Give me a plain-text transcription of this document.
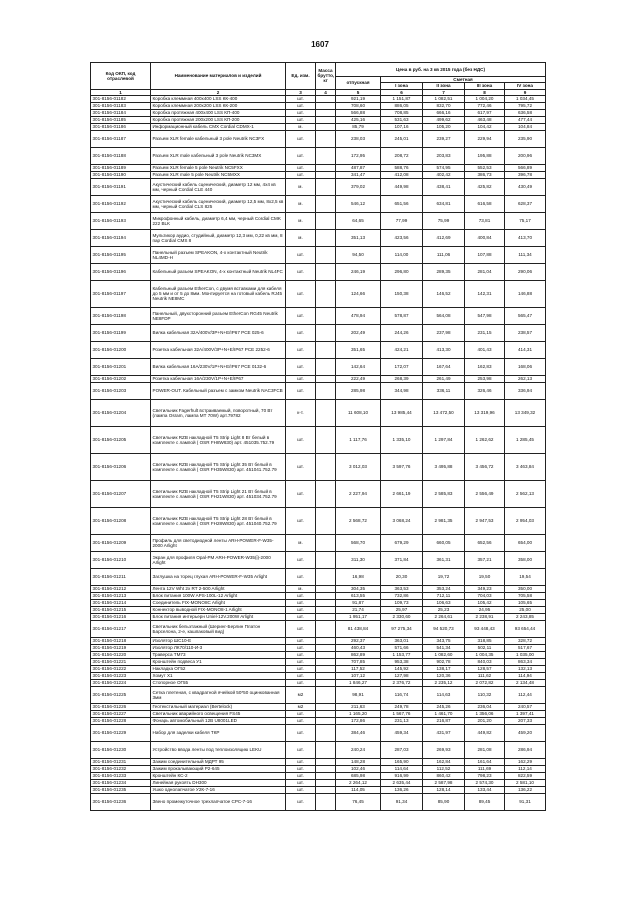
1607
Код ОКП, код отраслевой	Наименование материалов и изделий	Ед. изм.	Масса брутто, кг	Цена в руб. на 3 кв 2015 года (без НДС)				
				отпускная	Сметная			
					I зона	II зона	III зона	IV зона
1	2	3	4	5	6	7	8	9
301-8156-01182	Коробка клеммная 400х400 LSS КК-400	шт.		921,19	1 151,87	1 082,51	1 004,20	1 034,45
301-8156-01183	Коробка клеммная 200х200 LSS КК-200	шт.		708,60	886,05	832,70	772,46	795,72
301-8156-01184	Коробка протяжная 400х400 LSS КП-400	шт.		566,88	708,85	666,16	617,97	636,58
301-8156-01185	Коробка протяжная 200х200 LSS КП-200	шт.		425,16	531,63	499,62	463,48	477,44
301-8156-01186	Информационный кабель CMX Cordial CDMX-1	м.		85,79	107,16	105,20	104,42	104,84
301-8156-01187	Разъем XLR female кабельный 3 pole Neutrik NC3FX	шт.		238,03	245,01	239,27	229,94	235,90
301-8156-01188	Разъем XLR male кабельный 3 pole Neutrik NC3MX	шт.		172,95	208,72	203,83	195,88	200,96
301-8156-01189	Разъем XLR female 5 pole Neutrik NC5FXX	шт.		487,87	588,76	574,95	552,53	566,89
301-8156-01190	Разъем XLR male 5 pole Neutrik NC5MXX	шт.		341,47	412,08	402,42	386,73	396,78
301-8156-01191	Акустический кабель сценический, диаметр 12 мм, 4х4 кв мм, черный Cordial CLE 440	м.		379,02	449,98	438,41	425,82	430,49
301-8156-01192	Акустический кабель сценический, диаметр 12,5 мм, 8х2,5 кв мм, черный Cordial CLS 825	м.		546,12	651,56	634,81	616,58	628,37
301-8156-01193	Микрофонный кабель, диаметр 6,4 мм, черный Cordial CMK 222 BLK	м.		64,65	77,99	75,99	73,81	75,17
301-8156-01194	Мультикор аудио, студийный, диаметр 12,3 мм, 0,22 кв мм, 8 пар Cordial CMS 8	м.		351,13	423,56	412,69	400,84	413,70
301-8156-01195	Панельный разъем SPEAKON, 4-х контактный Neutrik NL4MD-H	шт.		94,50	114,00	111,06	107,88	111,34
301-8156-01196	Кабельный разъем SPEAKON, 4-х контактный Neutrik NL4FC	шт.		246,19	296,80	289,35	281,04	290,06
301-8156-01197	Кабельный разъем EtherCon, с двумя вставками для кабеля до 5 мм и от 5 до 8мм. Монтируется на готовый кабель RJ45 Neutrik NE8MC	шт.		124,66	150,38	146,52	142,31	146,88
301-8156-01198	Панельный, двухсторонний разъем EtherCon RG45 Neutrik NE8FDP	шт.		478,94	578,87	564,08	547,98	565,47
301-8156-01199	Вилка кабельная 32А/400V/3P+N+E/IP67 PCE 025-6	шт.		202,49	244,26	237,98	231,15	238,57
301-8156-01200	Розетка кабельная 32А/400V/3P+N+E/IP67 PCE 2252-6	шт.		351,65	424,21	413,30	401,43	414,31
301-8156-01201	Вилка кабельная 16А/230V/1P+N+E/IP67 PCE 0132-6	шт.		142,64	172,07	167,64	162,83	168,06
301-8156-01202	Розетка кабельная 16А/230V/1P+N+E/IP67	шт.		222,49	268,39	261,49	253,98	262,13
301-8156-01203	POWER-OUT. Кабельный разъем с замком Neutrik NAC3FCB	шт.		285,98	344,98	336,11	326,46	336,94
301-8156-01204	Светильник Fagerhult встраиваемый, поворотный, 70 Вт (лампа Osram, лампа МТ 70W) арт.79782	к-т.		11 608,10	13 985,44	13 472,50	13 319,96	13 349,32
301-8156-01205	Светильник RZB накладной Т5 Strip Light 8 Вт белый в комплекте с лампой ( OSR FH8W830) арт. 451035.752.79	шт.		1 117,76	1 335,10	1 297,84	1 262,62	1 285,45
301-8156-01206	Светильник RZB накладной Т5 Strip Light 35 Вт белый в комплекте с лампой ( OSR FH35W830) арт. 451041.752.79	шт.		3 012,03	3 597,76	3 495,88	3 456,72	3 463,84
301-8156-01207	Светильник RZB накладной Т5 Strip Light 21 Вт белый в комплекте с лампой ( OSR FH21W830) арт. 451034.752.79	шт.		2 227,94	2 661,19	2 585,83	2 556,49	2 562,13
301-8156-01208	Светильник RZB накладной Т5 Strip Light 28 Вт белый в комплекте с лампой ( OSR FH28W830) арт. 451040.752.79	шт.		2 568,72	3 068,24	2 981,35	2 947,53	2 954,03
301-8156-01209	Профиль для светодиодной ленты ARH-POWER-F-W35-2000 Arlight	м.		568,70	679,29	660,05	652,56	654,00
301-8156-01210	Экран для профиля Opal-PM ARH-POWER-W35(i)-2000 Arlight	шт.		311,30	371,84	361,31	357,21	358,00
301-8156-01211	Заглушка на торец глухая ARH-POWER-F-W35 Arlight	шт.		16,98	20,30	19,72	19,50	19,54
301-8156-01212	Лента 12V Wht 2x RT 2-500 Arlight	м.		304,35	363,53	353,24	349,23	350,00
301-8156-01213	Блок питания 100W APS-100L-12 Arlight	шт.		613,55	732,86	712,11	704,03	705,58
301-8156-01214	Соединитель FIX-MONO8C Arlight	шт.		91,87	109,73	106,63	105,42	105,65
301-8156-01215	Коннектор выводной FIX-MONO8-1 Arlight	шт.		21,74	25,97	25,23	24,95	25,00
301-8156-01216	Блок питания интерьерн Uniel-12V.200W Arlight	шт.		1 951,17	2 330,60	2 264,61	2 238,91	2 243,85
301-8156-01217	Светильник бельэтажный (Шеринг-Берлин Платон Барселона, 2-е, кашпаковый вид)	шт.		81 438,84	97 275,34	94 520,73	93 448,43	93 654,44
301-8156-01218	Изолятор ШС10-Е	шт.		292,37	363,01	343,75	318,85	328,72
301-8156-01219	Изолятор ЛК70/110-И-3	шт.		460,43	571,66	541,34	502,11	517,67
301-8156-01220	Траверса ТМ73	шт.		862,89	1 153,77	1 082,60	1 004,35	1 035,00
301-8156-01221	Кронштейн подвеса У1	шт.		707,85	953,38	902,78	840,03	863,34
301-8156-01222	Накладка ОГ52	шт.		117,52	145,92	138,17	128,57	132,13
301-8156-01223	Хомут Х1	шт.		107,12	127,98	120,36	111,62	114,94
301-8156-01224	Стопорное ОГ55	шт.		1 846,27	2 376,72	2 235,12	2 072,82	2 134,48
301-8156-01225	Сетка плетеная, с квадратной ячейкой 50*50 оцинкованная 3мм	м2		98,91	116,74	114,63	110,32	112,44
301-8156-01226	Геотекстильный материал (Bertelock)	м2		211,63	249,78	245,26	236,04	240,57
301-8156-01227	Светильник аварийного освещения FS45	шт.		1 165,20	1 567,76	1 461,70	1 356,06	1 397,41
301-8156-01228	Фонарь автомобильный 12В U8001LED	шт.		172,86	231,13	216,87	201,20	207,33
301-8156-01229	Набор для заделки кабеля ТКР	шт.		384,46	459,34	431,97	449,82	459,20
301-8156-01230	Устройство ввода ленты под теплоизоляцию LEKU	шт.		240,24	287,03	269,93	281,08	286,94
301-8156-01231	Зажим соединительный МДРТ 95	шт.		148,28	165,90	162,84	161,64	162,29
301-8156-01232	Зажим прокалывающий Р2-645	шт.		102,46	114,64	112,52	111,69	112,14
301-8156-01233	Кронштейн КС-2	шт.		685,98	916,99	860,42	798,23	822,59
301-8156-01234	Линейная рукоять DH300	шт.		2 264,12	2 635,44	2 587,98	2 574,30	2 581,10
301-8156-01235	Ушко однолапчатое У2К-7-16	шт.		114,05	136,26	128,14	133,44	136,22
301-8156-01236	Звено промежуточное трехлапчатое СРС-7-16	шт.		76,45	91,34	85,90	89,45	91,31
